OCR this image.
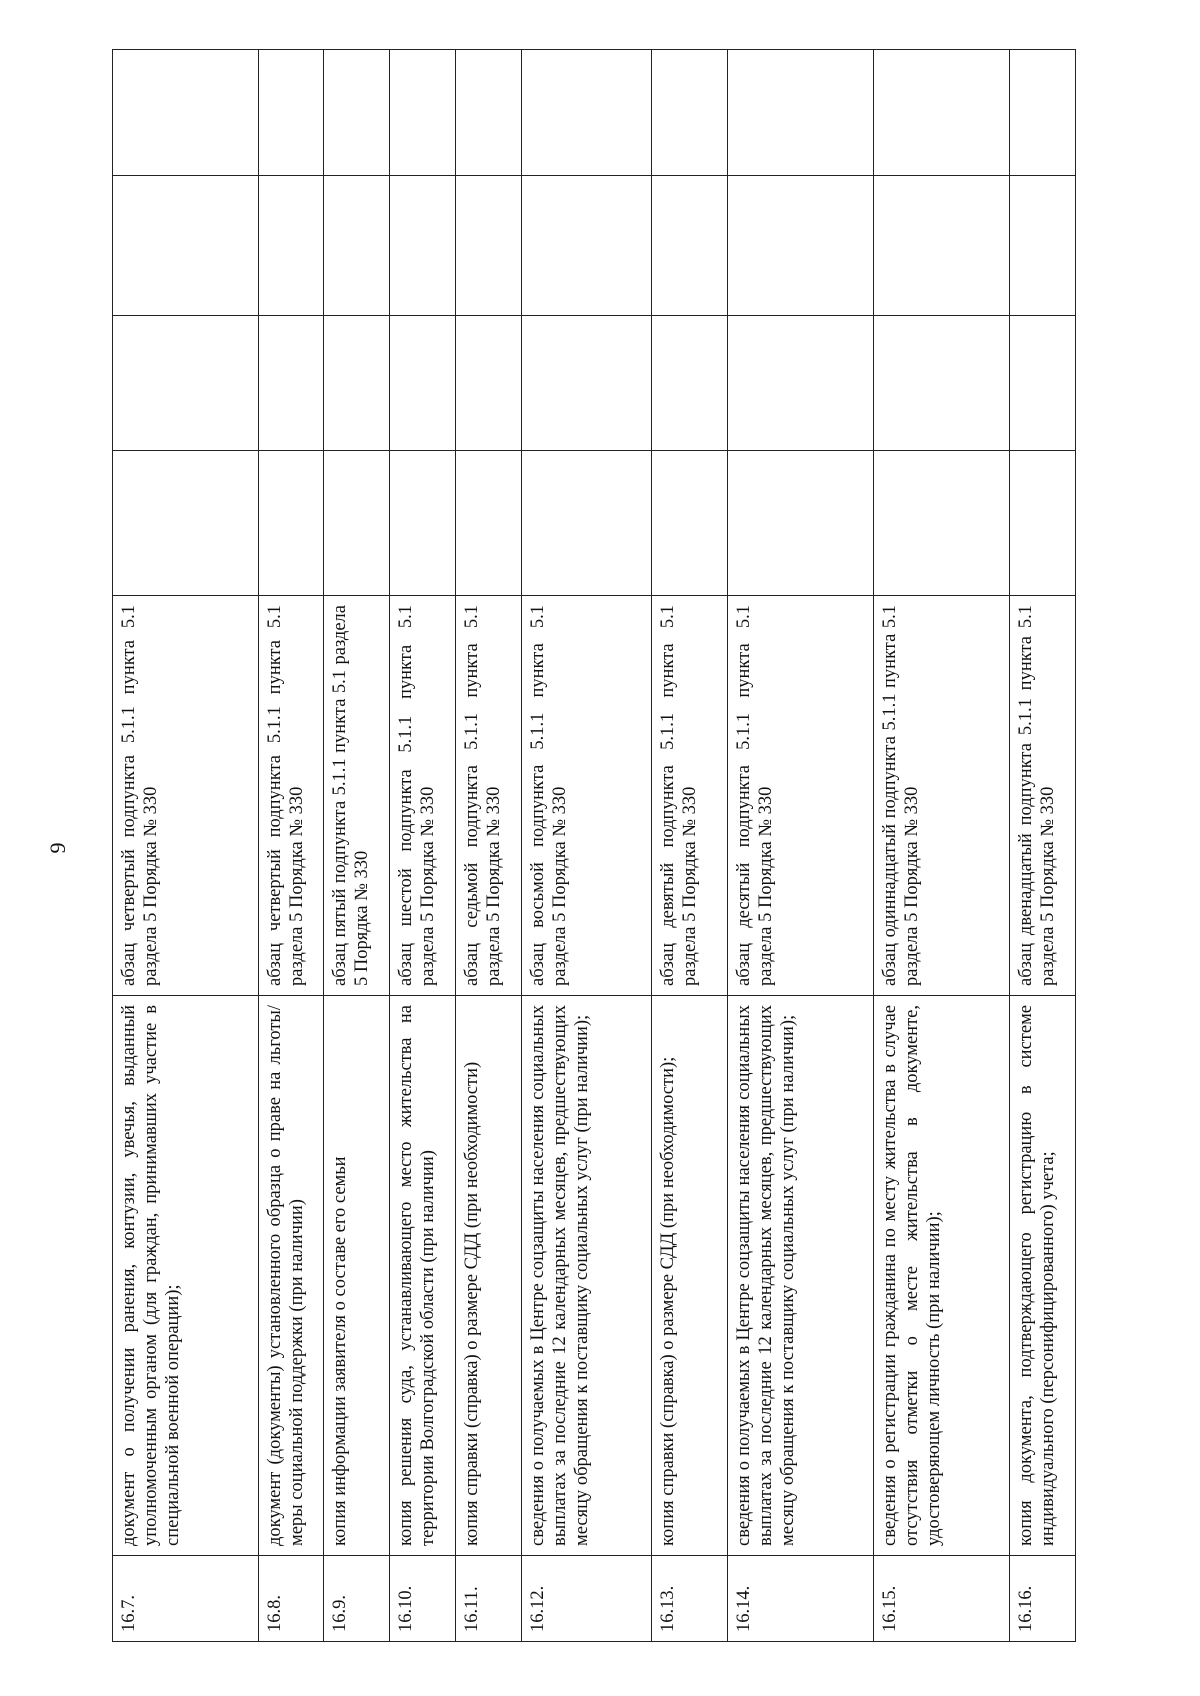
9
16.7.	документ о получении ранения, контузии, увечья, выданный уполномоченным органом (для граждан, принимавших участие в специальной военной операции);	абзац четвертый подпункта 5.1.1 пункта 5.1 раздела 5 Порядка № 330				
16.8.	документ (документы) установленного образца о праве на льготы/меры социальной поддержки (при наличии)	абзац четвертый подпункта 5.1.1 пункта 5.1 раздела 5 Порядка № 330				
16.9.	копия информации заявителя о составе его семьи	абзац пятый подпункта 5.1.1 пункта 5.1 раздела 5 Порядка № 330				
16.10.	копия решения суда, устанавливающего место жительства на территории Волгоградской области (при наличии)	абзац шестой подпункта 5.1.1 пункта 5.1 раздела 5 Порядка № 330				
16.11.	копия справки (справка) о размере СДД (при необходимости)	абзац седьмой подпункта 5.1.1 пункта 5.1 раздела 5 Порядка № 330				
16.12.	сведения о получаемых в Центре соцзащиты населения социальных выплатах за последние 12 календарных месяцев, предшествующих месяцу обращения к поставщику социальных услуг (при наличии);	абзац восьмой подпункта 5.1.1 пункта 5.1 раздела 5 Порядка № 330				
16.13.	копия справки (справка) о размере СДД (при необходимости);	абзац девятый подпункта 5.1.1 пункта 5.1 раздела 5 Порядка № 330				
16.14.	сведения о получаемых в Центре соцзащиты населения социальных выплатах за последние 12 календарных месяцев, предшествующих месяцу обращения к поставщику социальных услуг (при наличии);	абзац десятый подпункта 5.1.1 пункта 5.1 раздела 5 Порядка № 330				
16.15.	сведения о регистрации гражданина по месту жительства в случае отсутствия отметки о месте жительства в документе, удостоверяющем личность (при наличии);	абзац одиннадцатый подпункта 5.1.1 пункта 5.1 раздела 5 Порядка № 330				
16.16.	копия документа, подтверждающего регистрацию в системе индивидуального (персонифицированного) учета;	абзац двенадцатый подпункта 5.1.1 пункта 5.1 раздела 5 Порядка № 330				
